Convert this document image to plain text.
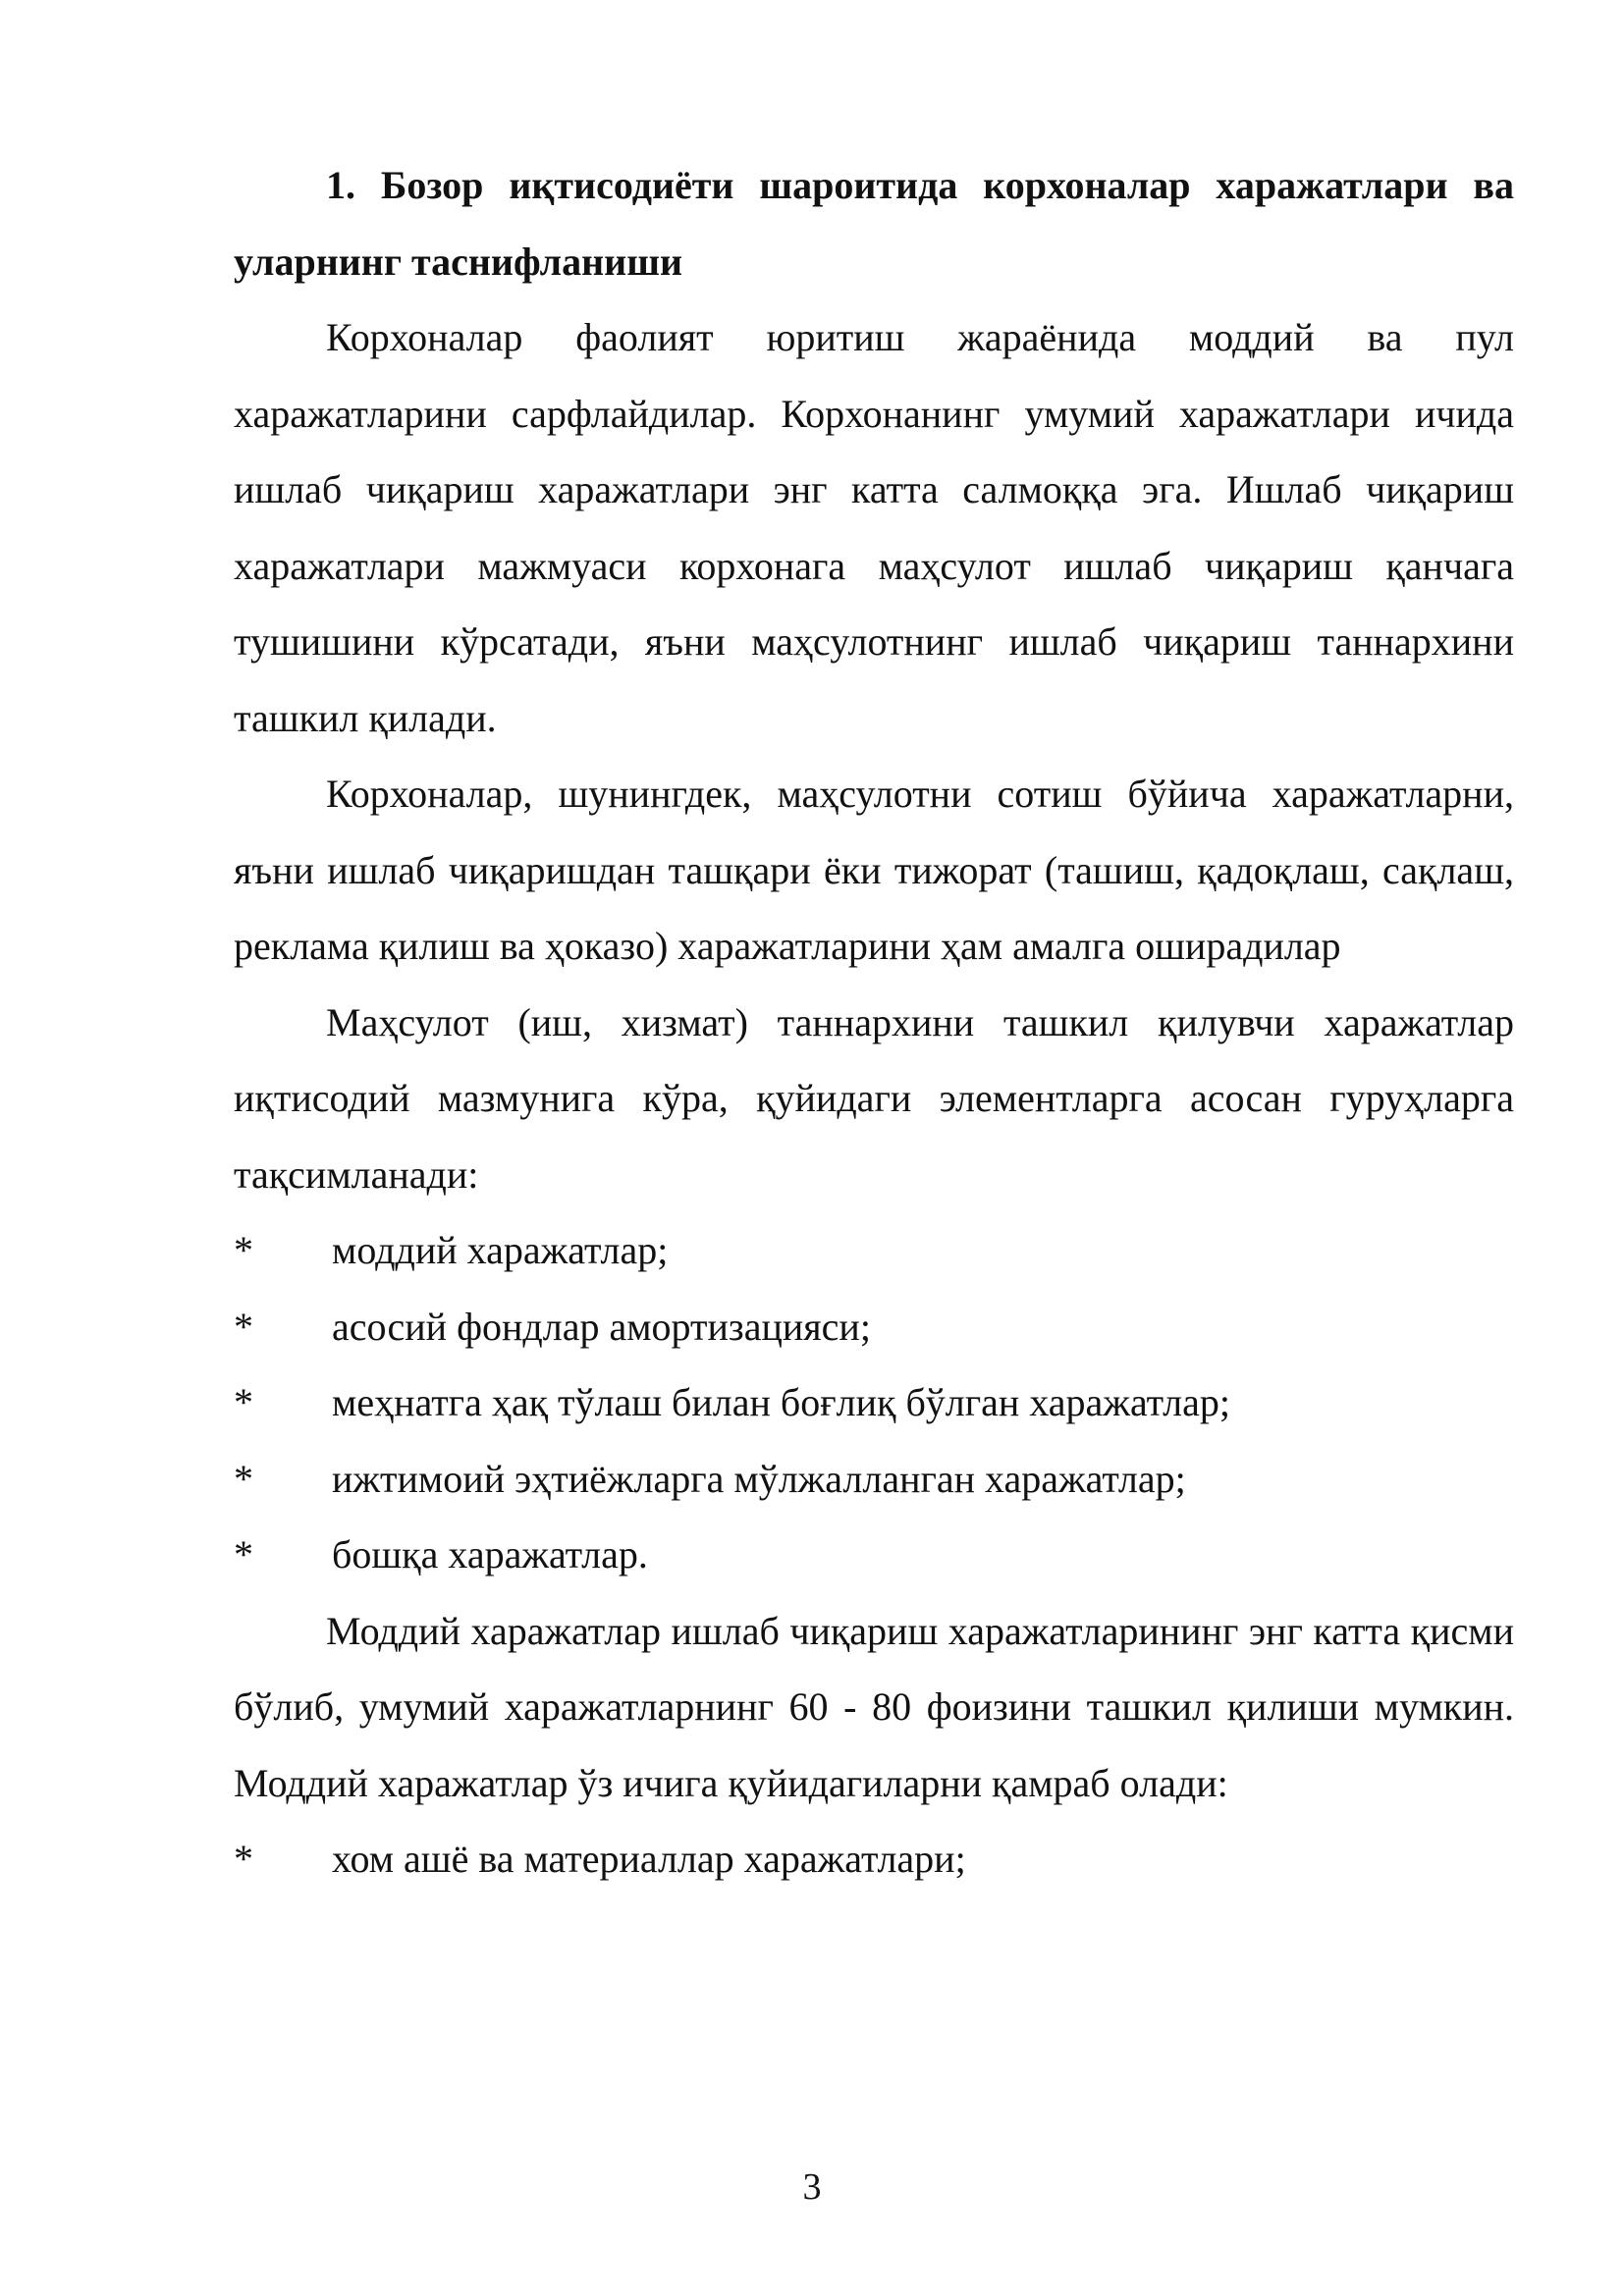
1. Бозор иқтисодиёти шароитида корхоналар харажатлари ва уларнинг таснифланиши

Корхоналар фаолият юритиш жараёнида моддий ва пул харажатларини сарфлайдилар. Корхонанинг умумий харажатлари ичида ишлаб чиқариш харажатлари энг катта салмоққа эга. Ишлаб чиқариш харажатлари мажмуаси корхонага маҳсулот ишлаб чиқариш қанчага тушишини кўрсатади, яъни маҳсулотнинг ишлаб чиқариш таннархини ташкил қилади.

Корхоналар, шунингдек, маҳсулотни сотиш бўйича харажатларни, яъни ишлаб чиқаришдан ташқари ёки тижорат (ташиш, қадоқлаш, сақлаш, реклама қилиш ва ҳоказо) харажатларини ҳам амалга оширадилар

Маҳсулот (иш, хизмат) таннархини ташкил қилувчи харажатлар иқтисодий мазмунига кўра, қуйидаги элементларга асосан гуруҳларга тақсимланади:

*	моддий харажатлар;
*	асосий фондлар амортизацияси;
*	меҳнатга ҳақ тўлаш билан боғлиқ бўлган харажатлар;
*	ижтимоий эҳтиёжларга мўлжалланган харажатлар;
*	бошқа харажатлар.

Моддий харажатлар ишлаб чиқариш харажатларининг энг катта қисми бўлиб, умумий харажатларнинг 60 - 80 фоизини ташкил қилиши мумкин. Моддий харажатлар ўз ичига қуйидагиларни қамраб олади:

*	хом ашё ва материаллар харажатлари;
3
